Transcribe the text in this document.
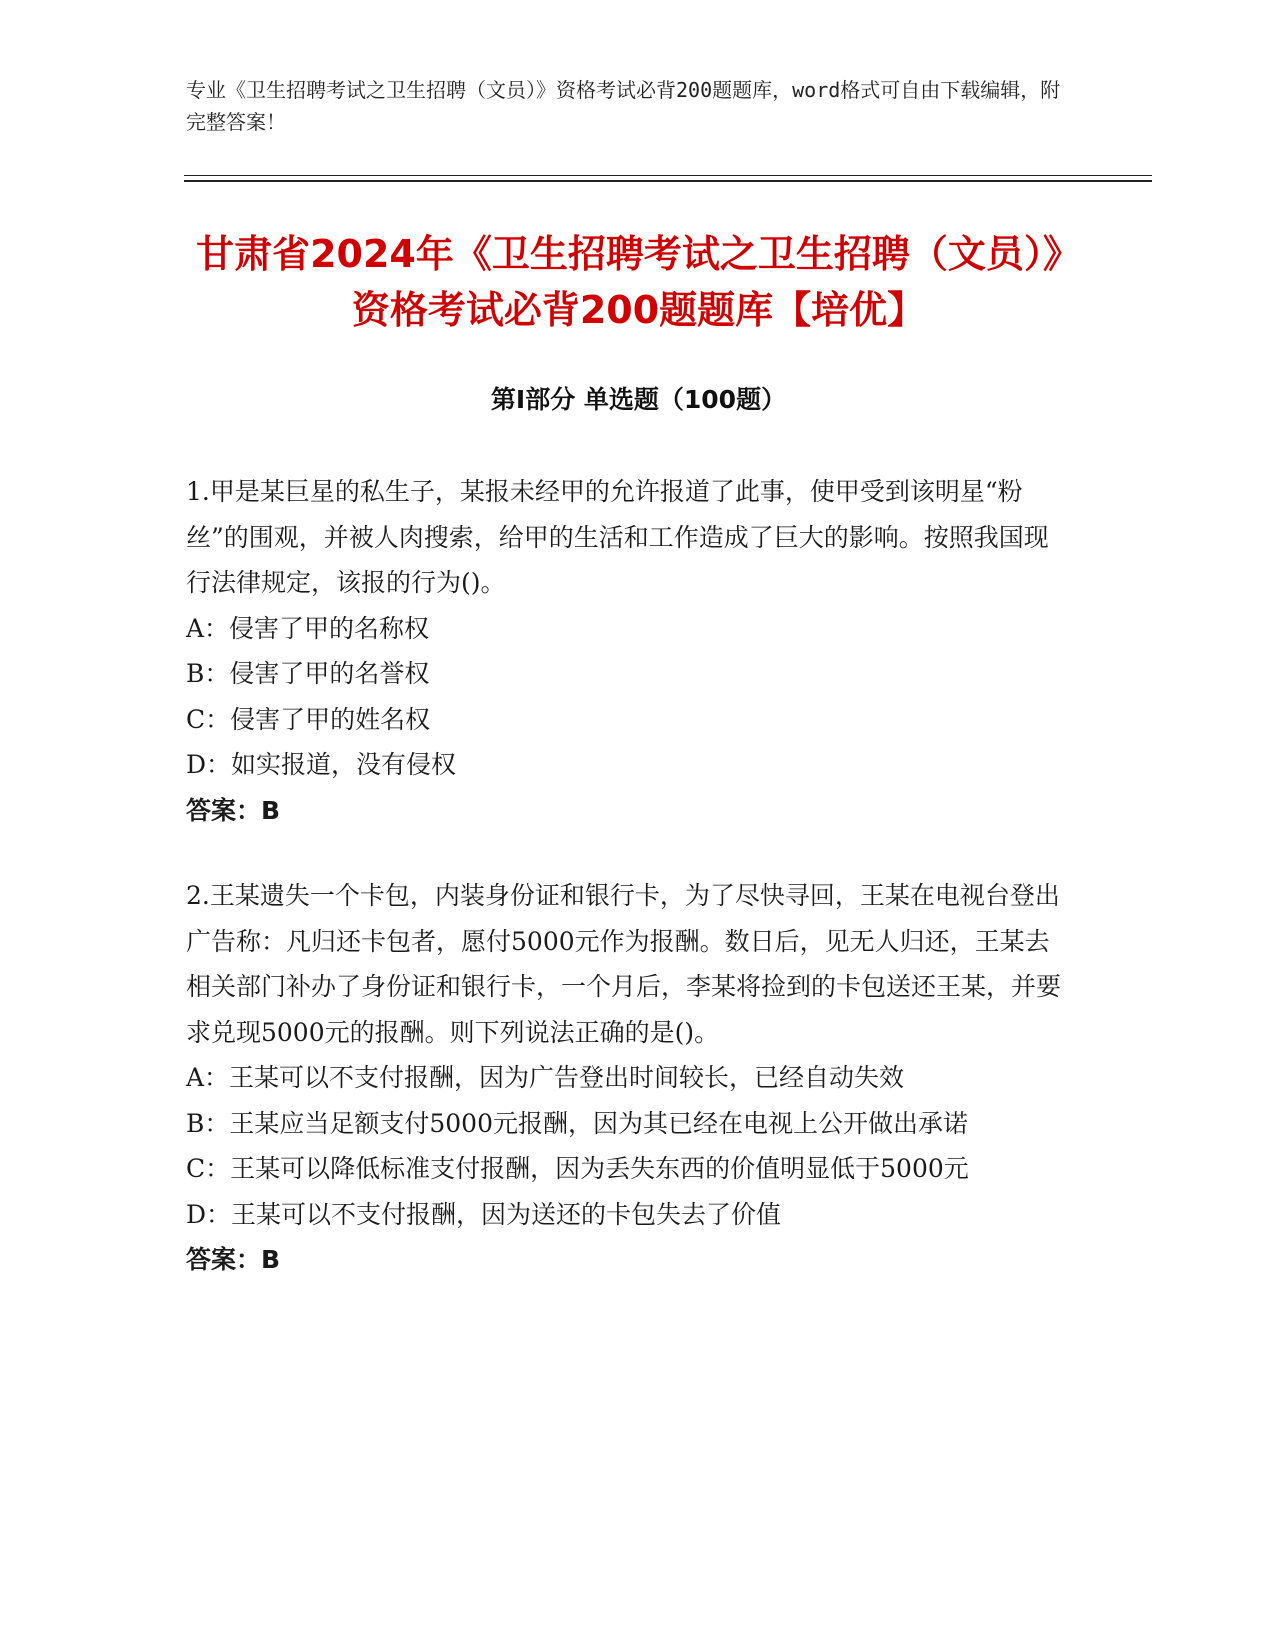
专业《卫生招聘考试之卫生招聘（文员）》资格考试必背200题题库，word格式可自由下载编辑，附完整答案！
甘肃省2024年《卫生招聘考试之卫生招聘（文员）》资格考试必背200题题库【培优】
第I部分 单选题（100题）

1.甲是某巨星的私生子，某报未经甲的允许报道了此事，使甲受到该明星“粉丝”的围观，并被人肉搜索，给甲的生活和工作造成了巨大的影响。按照我国现行法律规定，该报的行为()。

A：侵害了甲的名称权

B：侵害了甲的名誉权

C：侵害了甲的姓名权

D：如实报道，没有侵权

答案：B

2.王某遗失一个卡包，内装身份证和银行卡，为了尽快寻回，王某在电视台登出广告称：凡归还卡包者，愿付5000元作为报酬。数日后，见无人归还，王某去相关部门补办了身份证和银行卡，一个月后，李某将捡到的卡包送还王某，并要求兑现5000元的报酬。则下列说法正确的是()。

A：王某可以不支付报酬，因为广告登出时间较长，已经自动失效

B：王某应当足额支付5000元报酬，因为其已经在电视上公开做出承诺

C：王某可以降低标准支付报酬，因为丢失东西的价值明显低于5000元

D：王某可以不支付报酬，因为送还的卡包失去了价值

答案：B
